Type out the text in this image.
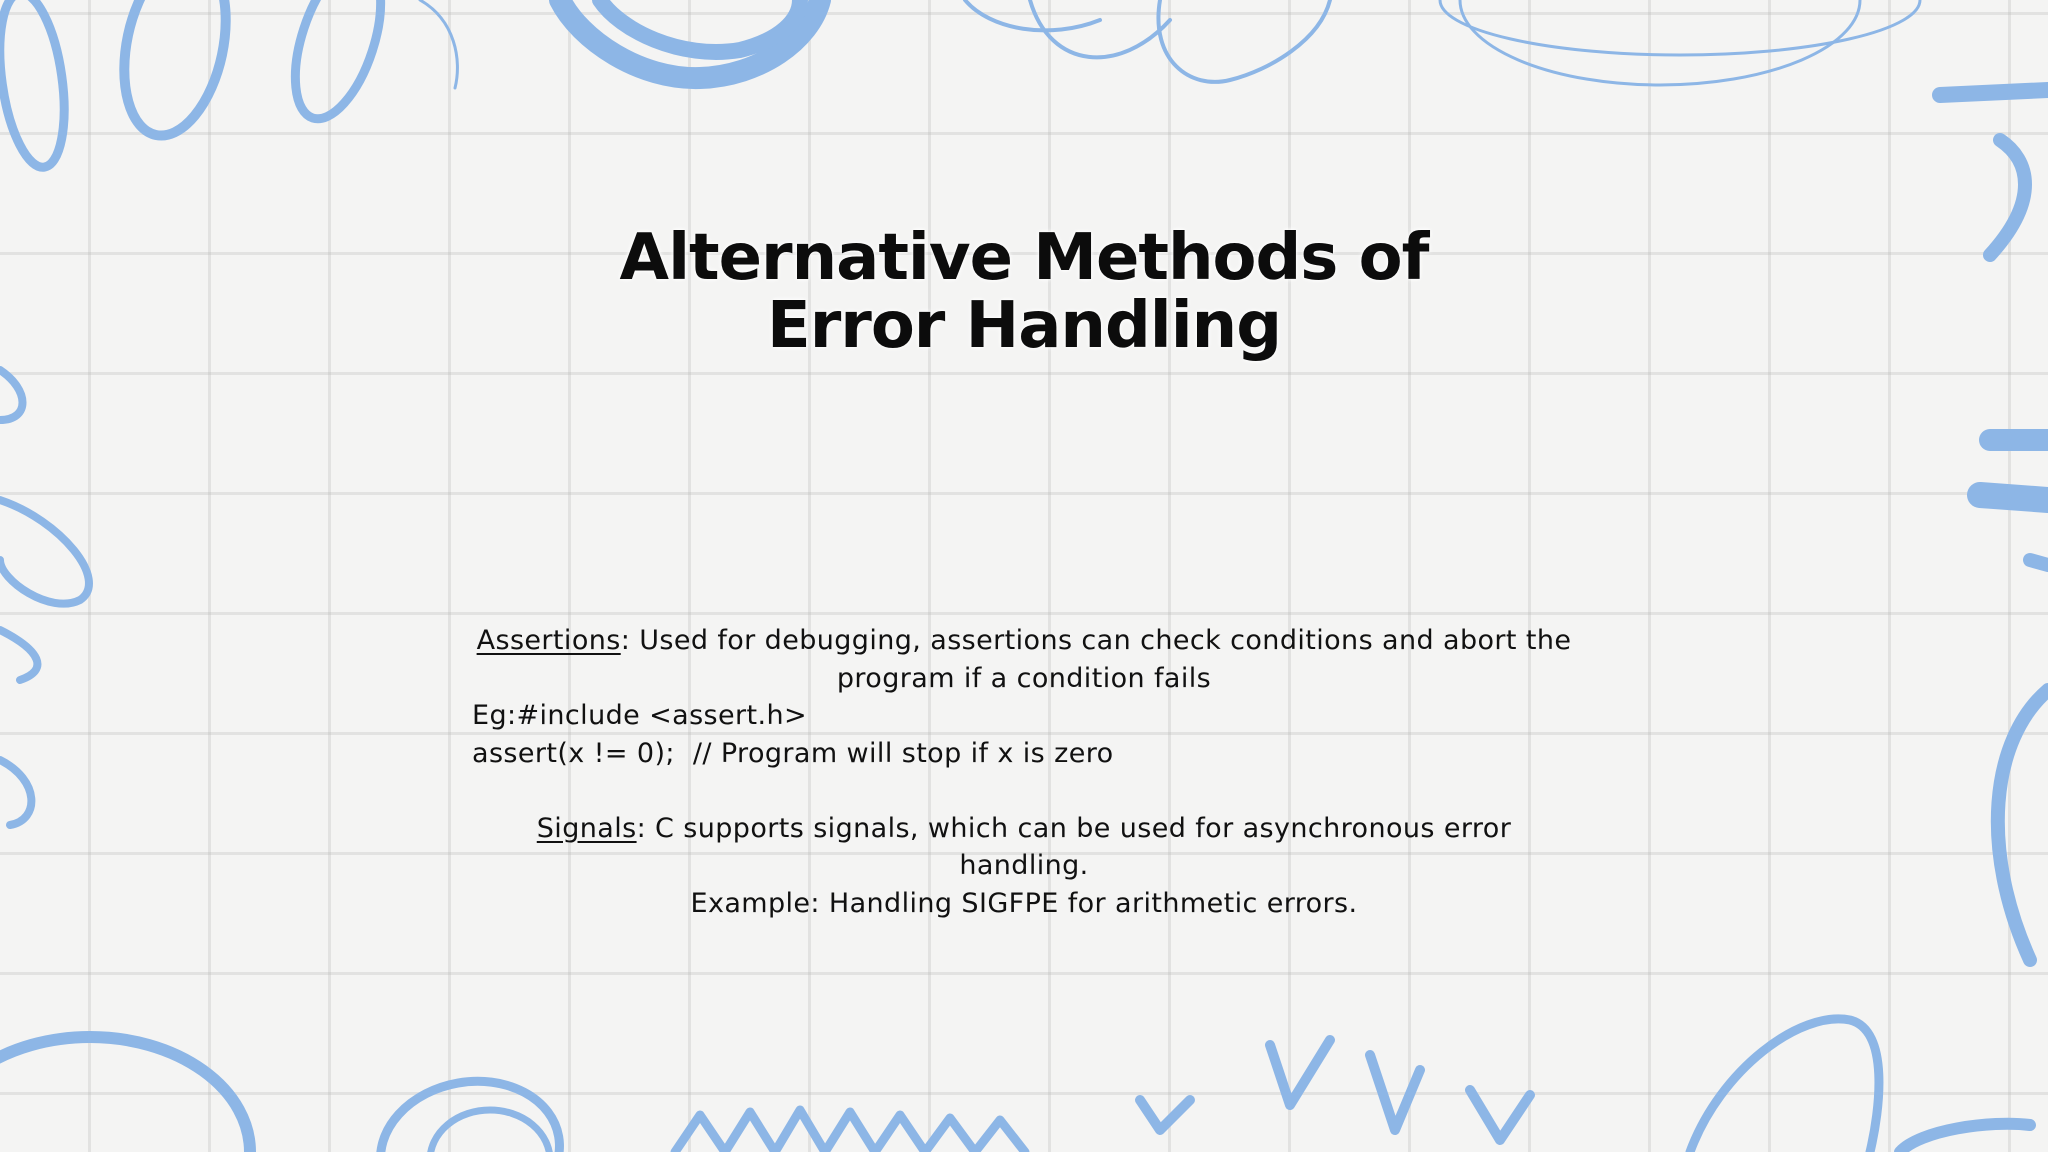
Alternative Methods of
Error Handling
Assertions: Used for debugging, assertions can check conditions and abort the program if a condition fails
Eg:#include <assert.h>
assert(x != 0);  // Program will stop if x is zero
Signals: C supports signals, which can be used for asynchronous error handling.
Example: Handling SIGFPE for arithmetic errors.
